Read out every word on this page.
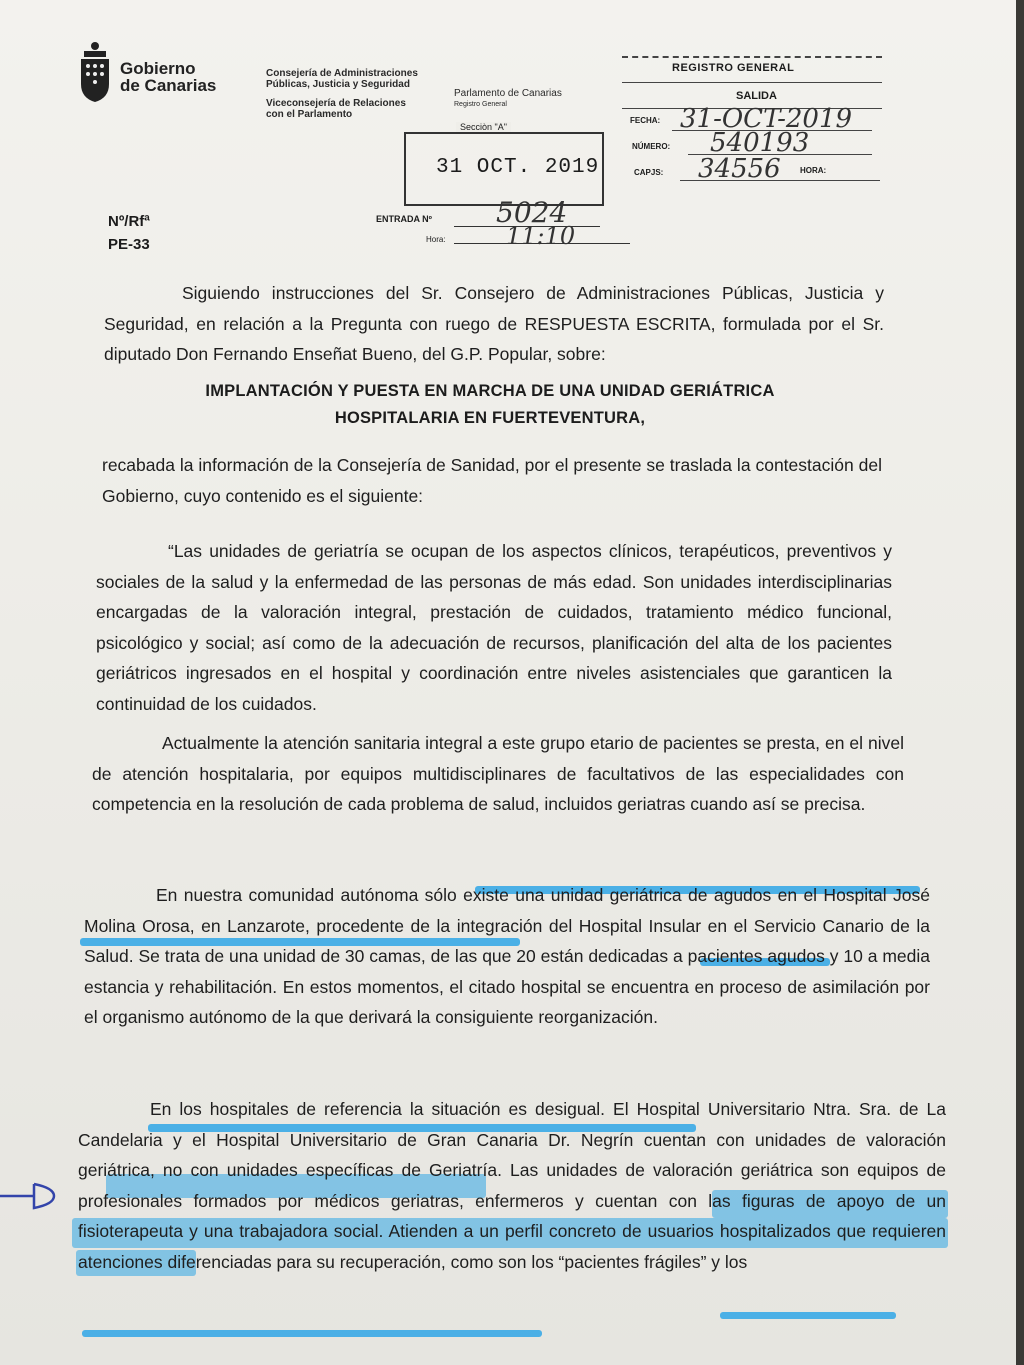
Gobierno
de Canarias
Consejería de Administraciones
Públicas, Justicia y Seguridad
Viceconsejería de Relaciones
con el Parlamento
Parlamento de Canarias
Registro General
Secciòn "A"
31 OCT. 2019
ENTRADA Nº 5024
Hora:	11:10
REGISTRO GENERAL
SALIDA
FECHA: 31-OCT-2019
NÚMERO: 540193
CAPJS: 34556 HORA:
Nº/Rfª
PE-33
Siguiendo instrucciones del Sr. Consejero de Administraciones Públicas, Justicia y Seguridad, en relación a la Pregunta con ruego de RESPUESTA ESCRITA, formulada por el Sr. diputado Don Fernando Enseñat Bueno, del G.P. Popular, sobre:
IMPLANTACIÓN Y PUESTA EN MARCHA DE UNA UNIDAD GERIÁTRICA
HOSPITALARIA EN FUERTEVENTURA,
recabada la información de la Consejería de Sanidad, por el presente se traslada la contestación del Gobierno, cuyo contenido es el siguiente:
“Las unidades de geriatría se ocupan de los aspectos clínicos, terapéuticos, preventivos y sociales de la salud y la enfermedad de las personas de más edad. Son unidades interdisciplinarias encargadas de la valoración integral, prestación de cuidados, tratamiento médico funcional, psicológico y social; así como de la adecuación de recursos, planificación del alta de los pacientes geriátricos ingresados en el hospital y coordinación entre niveles asistenciales que garanticen la continuidad de los cuidados.
Actualmente la atención sanitaria integral a este grupo etario de pacientes se presta, en el nivel de atención hospitalaria, por equipos multidisciplinares de facultativos de las especialidades con competencia en la resolución de cada problema de salud, incluidos geriatras cuando así se precisa.
En nuestra comunidad autónoma sólo existe una unidad geriátrica de agudos en el Hospital José Molina Orosa, en Lanzarote, procedente de la integración del Hospital Insular en el Servicio Canario de la Salud. Se trata de una unidad de 30 camas, de las que 20 están dedicadas a pacientes agudos y 10 a media estancia y rehabilitación. En estos momentos, el citado hospital se encuentra en proceso de asimilación por el organismo autónomo de la que derivará la consiguiente reorganización.
En los hospitales de referencia la situación es desigual. El Hospital Universitario Ntra. Sra. de La Candelaria y el Hospital Universitario de Gran Canaria Dr. Negrín cuentan con unidades de valoración geriátrica, no con unidades específicas de Geriatría. Las unidades de valoración geriátrica son equipos de profesionales formados por médicos geriatras, enfermeros y cuentan con las figuras de apoyo de un fisioterapeuta y una trabajadora social. Atienden a un perfil concreto de usuarios hospitalizados que requieren atenciones diferenciadas para su recuperación, como son los “pacientes frágiles” y los
